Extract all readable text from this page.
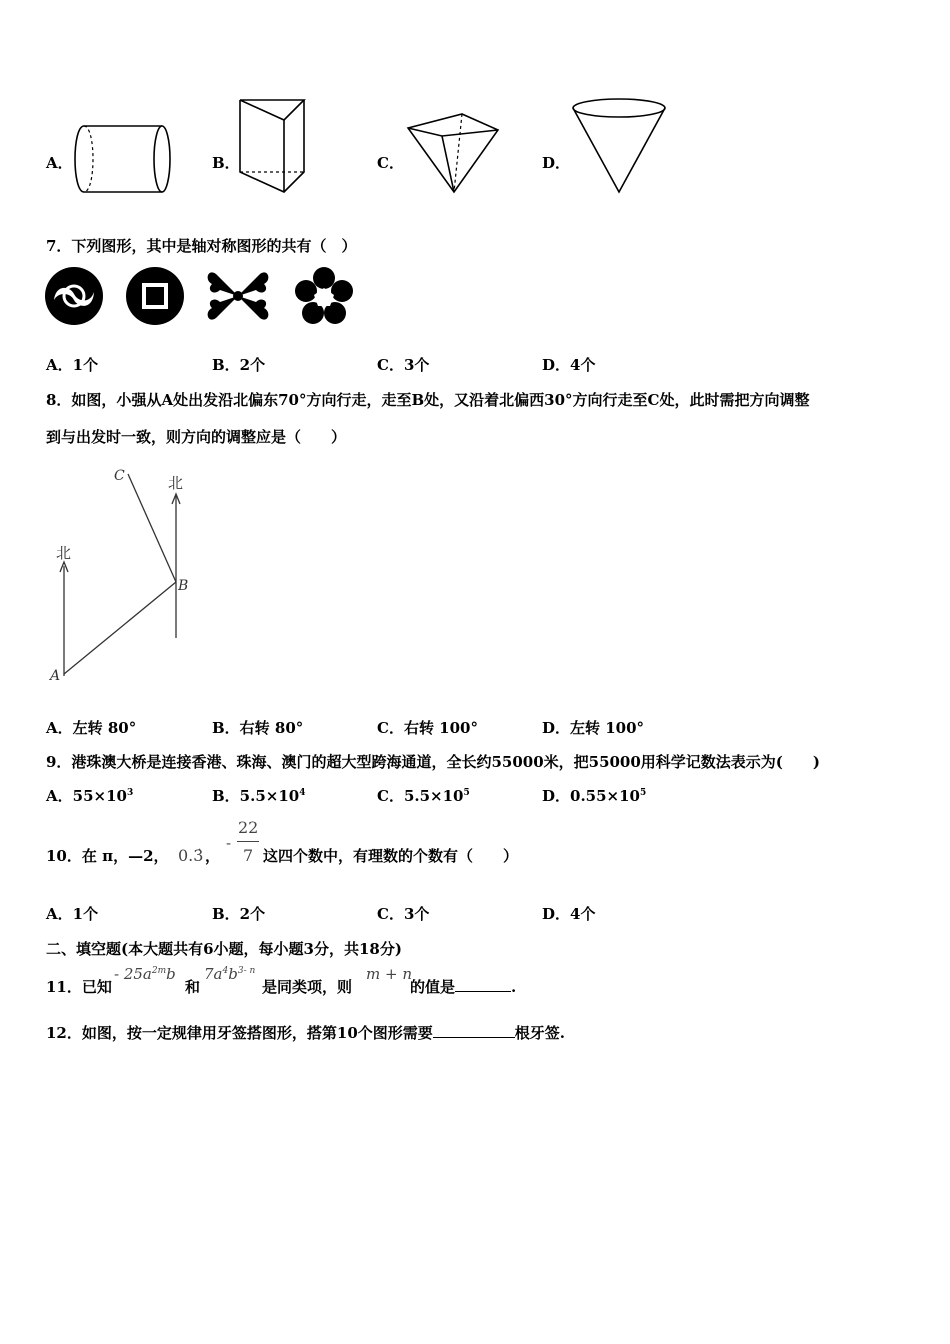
A．	B．	C．	D．
7．下列图形，其中是轴对称图形的共有（　）
A．1个	B．2个	C．3个	D．4个
8．如图，小强从A处出发沿北偏东70°方向行走，走至B处，又沿着北偏西30°方向行走至C处，此时需把方向调整
到与出发时一致，则方向的调整应是（　　）
北
北
C
B
A
A．左转 80°	B．右转 80°	C．右转 100°	D．左转 100°
9．港珠澳大桥是连接香港、珠海、澳门的超大型跨海通道，全长约55000米，把55000用科学记数法表示为(　　)
A．$55\times 10^3$	B．$5.5\times 10^4$	C．$5.5\times 10^5$	D．$0.55\times 10^5$
10．在 π，—2， 0.3̇ ，
-
22
7 这四个数中，有理数的个数有（　　）
A．1个	B．2个	C．3个	D．4个
二、填空题(本大题共有6小题，每小题3分，共18分)
11．已知
- $25a^{2m}b$
和
$7a^4b^{3- n}$
是同类项，则
m + n
的值是	.
12．如图，按一定规律用牙签搭图形，搭第10个图形需要	根牙签.
